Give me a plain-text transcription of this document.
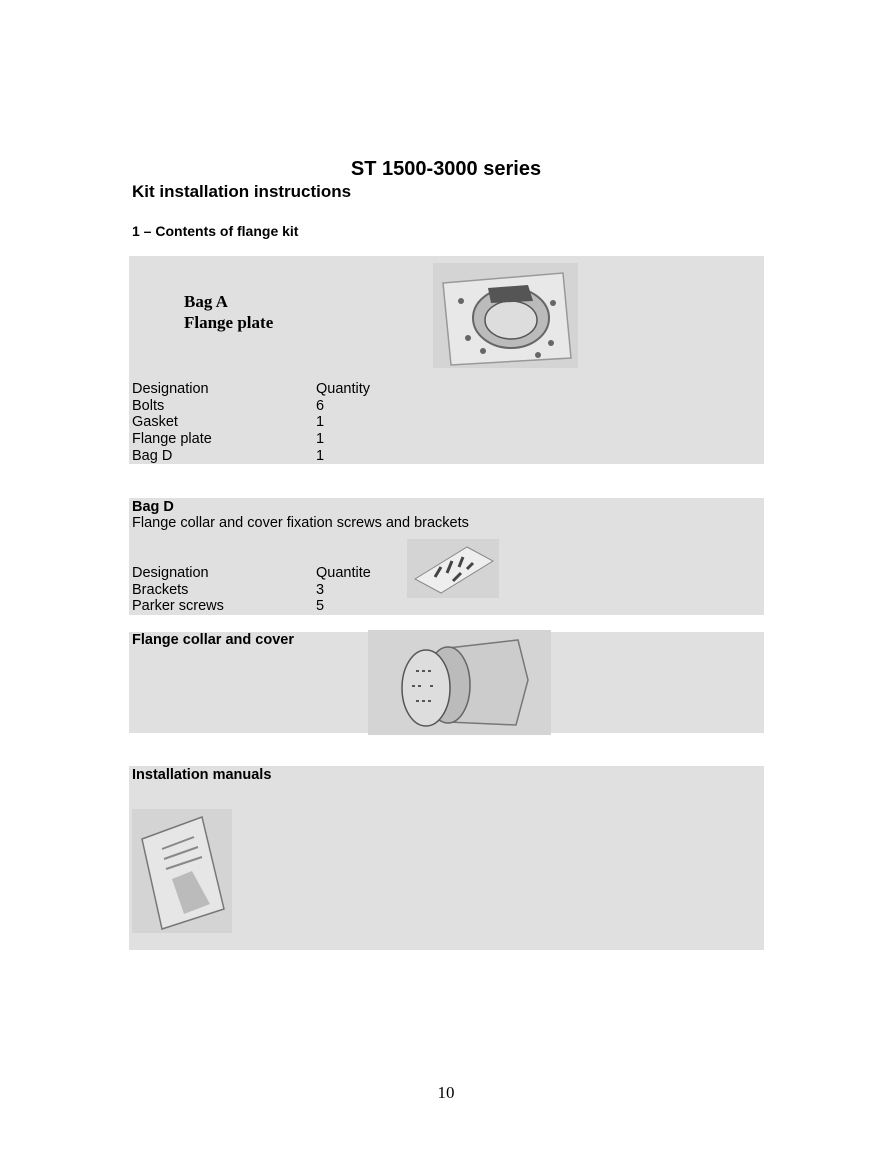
ST 1500-3000 series
Kit installation instructions
1 – Contents of flange kit
Bag A
Flange plate
Designation	Quantity
Bolts	6
Gasket	1
Flange plate	1
Bag D	1
Bag D
Flange collar and cover fixation screws and brackets
Designation	Quantite
Brackets	3
Parker screws	5
Flange collar and cover
Installation manuals
10
